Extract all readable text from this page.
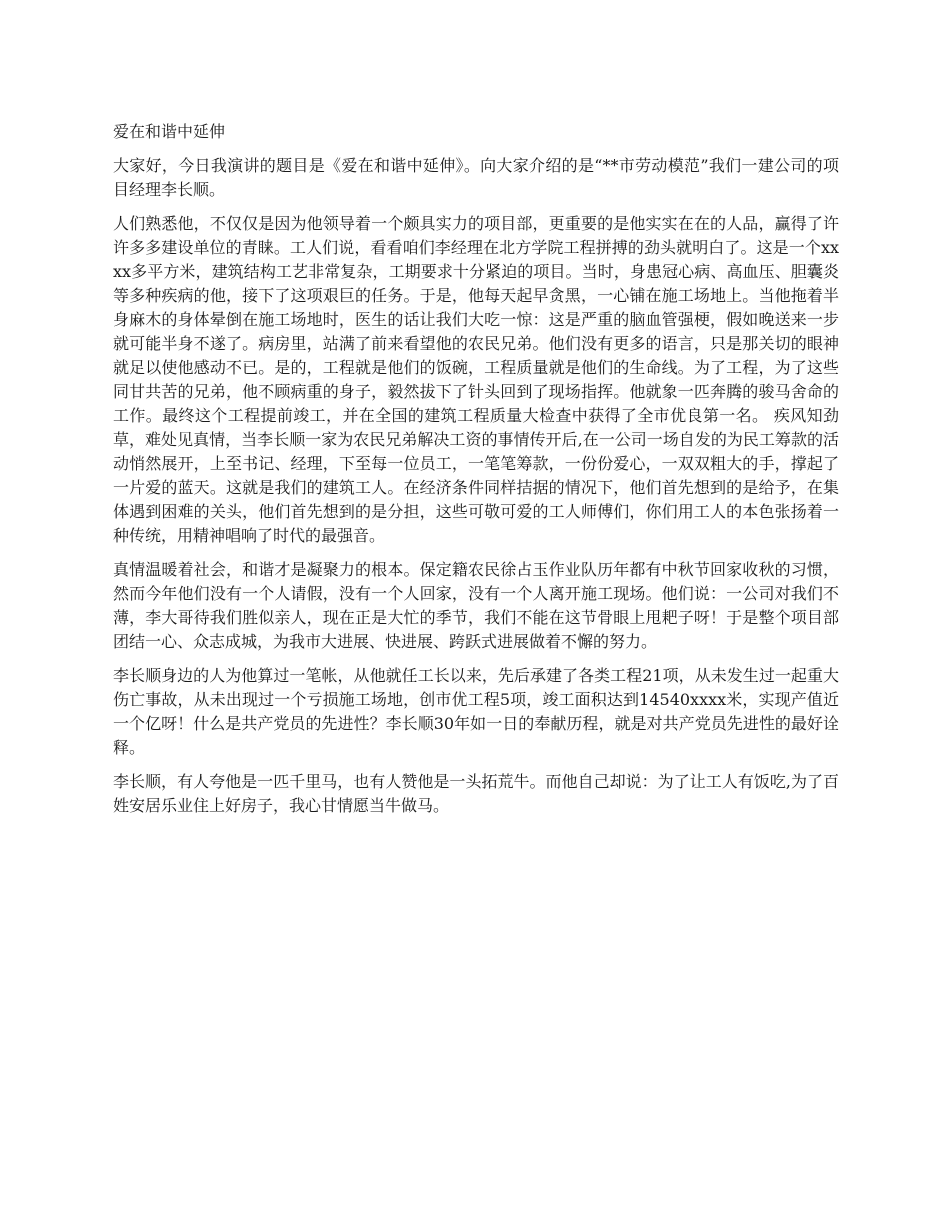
爱在和谐中延伸

大家好，今日我演讲的题目是《爱在和谐中延伸》。向大家介绍的是“**市劳动模范”我们一建公司的项目经理李长顺。

人们熟悉他，不仅仅是因为他领导着一个颇具实力的项目部，更重要的是他实实在在的人品，赢得了许许多多建设单位的青睐。工人们说，看看咱们李经理在北方学院工程拼搏的劲头就明白了。这是一个xxxx多平方米，建筑结构工艺非常复杂，工期要求十分紧迫的项目。当时，身患冠心病、高血压、胆囊炎等多种疾病的他，接下了这项艰巨的任务。于是，他每天起早贪黑，一心铺在施工场地上。当他拖着半身麻木的身体晕倒在施工场地时，医生的话让我们大吃一惊：这是严重的脑血管强梗，假如晚送来一步就可能半身不遂了。病房里，站满了前来看望他的农民兄弟。他们没有更多的语言，只是那关切的眼神就足以使他感动不已。是的，工程就是他们的饭碗，工程质量就是他们的生命线。为了工程，为了这些同甘共苦的兄弟，他不顾病重的身子，毅然拔下了针头回到了现场指挥。他就象一匹奔腾的骏马舍命的工作。最终这个工程提前竣工，并在全国的建筑工程质量大检查中获得了全市优良第一名。 疾风知劲草，难处见真情，当李长顺一家为农民兄弟解决工资的事情传开后,在一公司一场自发的为民工筹款的活动悄然展开，上至书记、经理，下至每一位员工，一笔笔筹款，一份份爱心，一双双粗大的手，撑起了一片爱的蓝天。这就是我们的建筑工人。在经济条件同样拮据的情况下，他们首先想到的是给予，在集体遇到困难的关头，他们首先想到的是分担，这些可敬可爱的工人师傅们，你们用工人的本色张扬着一种传统，用精神唱响了时代的最强音。

真情温暖着社会，和谐才是凝聚力的根本。保定籍农民徐占玉作业队历年都有中秋节回家收秋的习惯，然而今年他们没有一个人请假，没有一个人回家，没有一个人离开施工现场。他们说：一公司对我们不薄，李大哥待我们胜似亲人，现在正是大忙的季节，我们不能在这节骨眼上甩耙子呀！于是整个项目部团结一心、众志成城，为我市大进展、快进展、跨跃式进展做着不懈的努力。

李长顺身边的人为他算过一笔帐，从他就任工长以来，先后承建了各类工程21项，从未发生过一起重大伤亡事故，从未出现过一个亏损施工场地，创市优工程5项，竣工面积达到14540xxxx米，实现产值近一个亿呀！什么是共产党员的先进性？李长顺30年如一日的奉献历程，就是对共产党员先进性的最好诠释。

李长顺，有人夸他是一匹千里马，也有人赞他是一头拓荒牛。而他自己却说：为了让工人有饭吃,为了百姓安居乐业住上好房子，我心甘情愿当牛做马。
